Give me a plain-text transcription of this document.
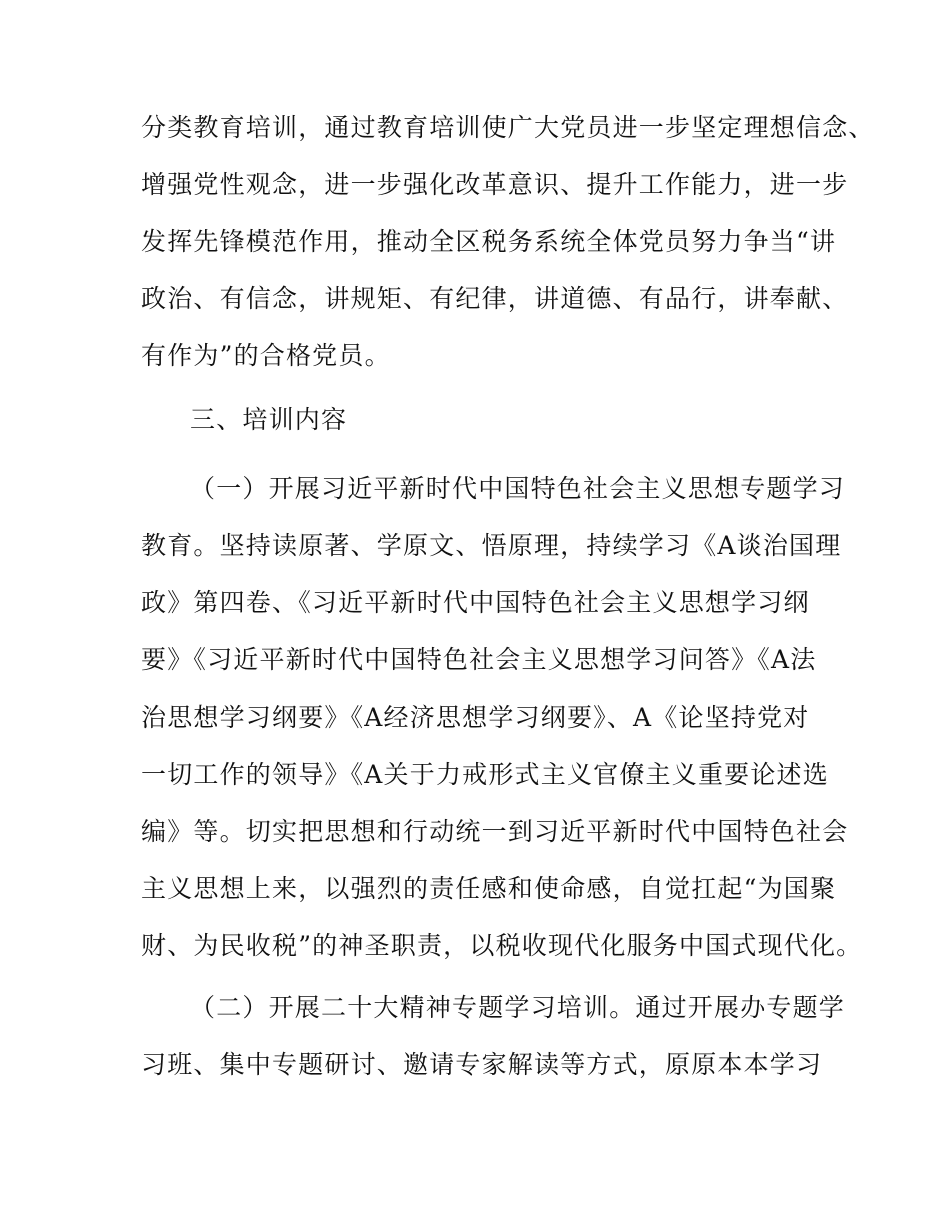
分类教育培训，通过教育培训使广大党员进一步坚定理想信念、
增强党性观念，进一步强化改革意识、提升工作能力，进一步
发挥先锋模范作用，推动全区税务系统全体党员努力争当“讲
政治、有信念，讲规矩、有纪律，讲道德、有品行，讲奉献、
有作为”的合格党员。
三、培训内容
（一）开展习近平新时代中国特色社会主义思想专题学习
教育。坚持读原著、学原文、悟原理，持续学习《A谈治国理
政》第四卷、《习近平新时代中国特色社会主义思想学习纲
要》《习近平新时代中国特色社会主义思想学习问答》《A法
治思想学习纲要》《A经济思想学习纲要》、A《论坚持党对
一切工作的领导》《A关于力戒形式主义官僚主义重要论述选
编》等。切实把思想和行动统一到习近平新时代中国特色社会
主义思想上来，以强烈的责任感和使命感，自觉扛起“为国聚
财、为民收税”的神圣职责，以税收现代化服务中国式现代化。
（二）开展二十大精神专题学习培训。通过开展办专题学
习班、集中专题研讨、邀请专家解读等方式，原原本本学习
